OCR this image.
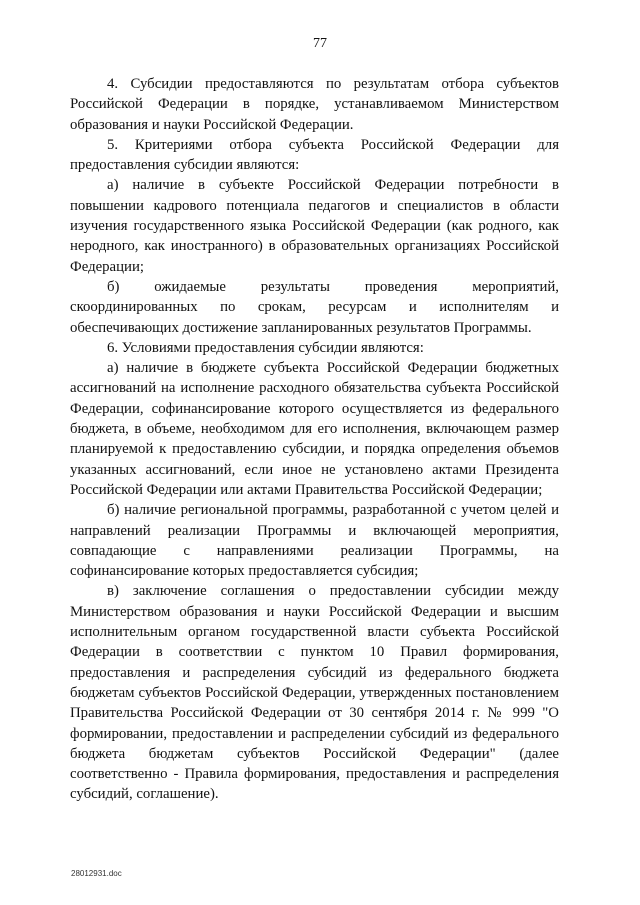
77

4. Субсидии предоставляются по результатам отбора субъектов Российской Федерации в порядке, устанавливаемом Министерством образования и науки Российской Федерации.

5. Критериями отбора субъекта Российской Федерации для предоставления субсидии являются:

а) наличие в субъекте Российской Федерации потребности в повышении кадрового потенциала педагогов и специалистов в области изучения государственного языка Российской Федерации (как родного, как неродного, как иностранного) в образовательных организациях Российской Федерации;

б) ожидаемые результаты проведения мероприятий, скоординированных по срокам, ресурсам и исполнителям и обеспечивающих достижение запланированных результатов Программы.

6. Условиями предоставления субсидии являются:

а) наличие в бюджете субъекта Российской Федерации бюджетных ассигнований на исполнение расходного обязательства субъекта Российской Федерации, софинансирование которого осуществляется из федерального бюджета, в объеме, необходимом для его исполнения, включающем размер планируемой к предоставлению субсидии, и порядка определения объемов указанных ассигнований, если иное не установлено актами Президента Российской Федерации или актами Правительства Российской Федерации;

б) наличие региональной программы, разработанной с учетом целей и направлений реализации Программы и включающей мероприятия, совпадающие с направлениями реализации Программы, на софинансирование которых предоставляется субсидия;

в) заключение соглашения о предоставлении субсидии между Министерством образования и науки Российской Федерации и высшим исполнительным органом государственной власти субъекта Российской Федерации в соответствии с пунктом 10 Правил формирования, предоставления и распределения субсидий из федерального бюджета бюджетам субъектов Российской Федерации, утвержденных постановлением Правительства Российской Федерации от 30 сентября 2014 г. № 999 "О формировании, предоставлении и распределении субсидий из федерального бюджета бюджетам субъектов Российской Федерации" (далее соответственно - Правила формирования, предоставления и распределения субсидий, соглашение).

28012931.doc
